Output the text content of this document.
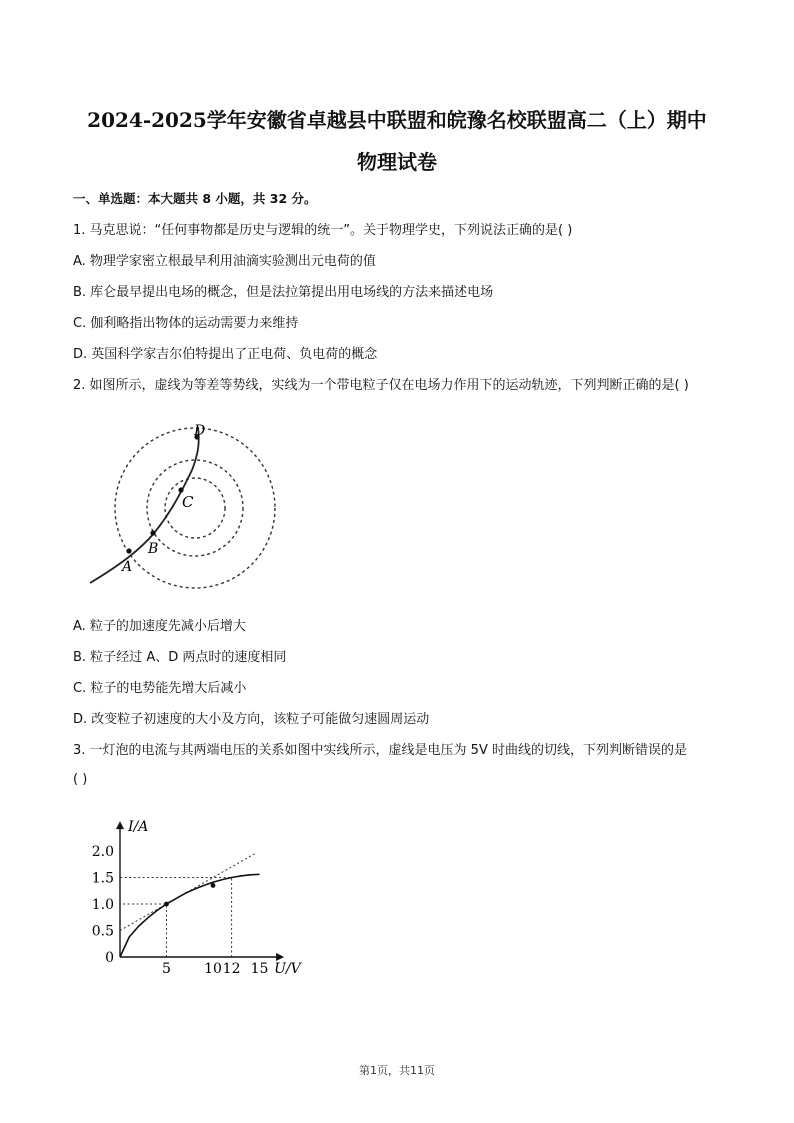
2024-2025学年安徽省卓越县中联盟和皖豫名校联盟高二（上）期中
物理试卷
一、单选题：本大题共 8 小题，共 32 分。
1. 马克思说：“任何事物都是历史与逻辑的统一”。关于物理学史，下列说法正确的是( )
A. 物理学家密立根最早利用油滴实验测出元电荷的值
B. 库仑最早提出电场的概念，但是法拉第提出用电场线的方法来描述电场
C. 伽利略指出物体的运动需要力来维持
D. 英国科学家吉尔伯特提出了正电荷、负电荷的概念
2. 如图所示，虚线为等差等势线，实线为一个带电粒子仅在电场力作用下的运动轨迹，下列判断正确的是( )
A
B
C
D
A. 粒子的加速度先减小后增大
B. 粒子经过 A、D 两点时的速度相同
C. 粒子的电势能先增大后减小
D. 改变粒子初速度的大小及方向，该粒子可能做匀速圆周运动
3. 一灯泡的电流与其两端电压的关系如图中实线所示，虚线是电压为 5V 时曲线的切线，下列判断错误的是
( )
I/A
U/V
0
0.5
1.0
1.5
2.0
5 10 12 15
第1页，共11页
